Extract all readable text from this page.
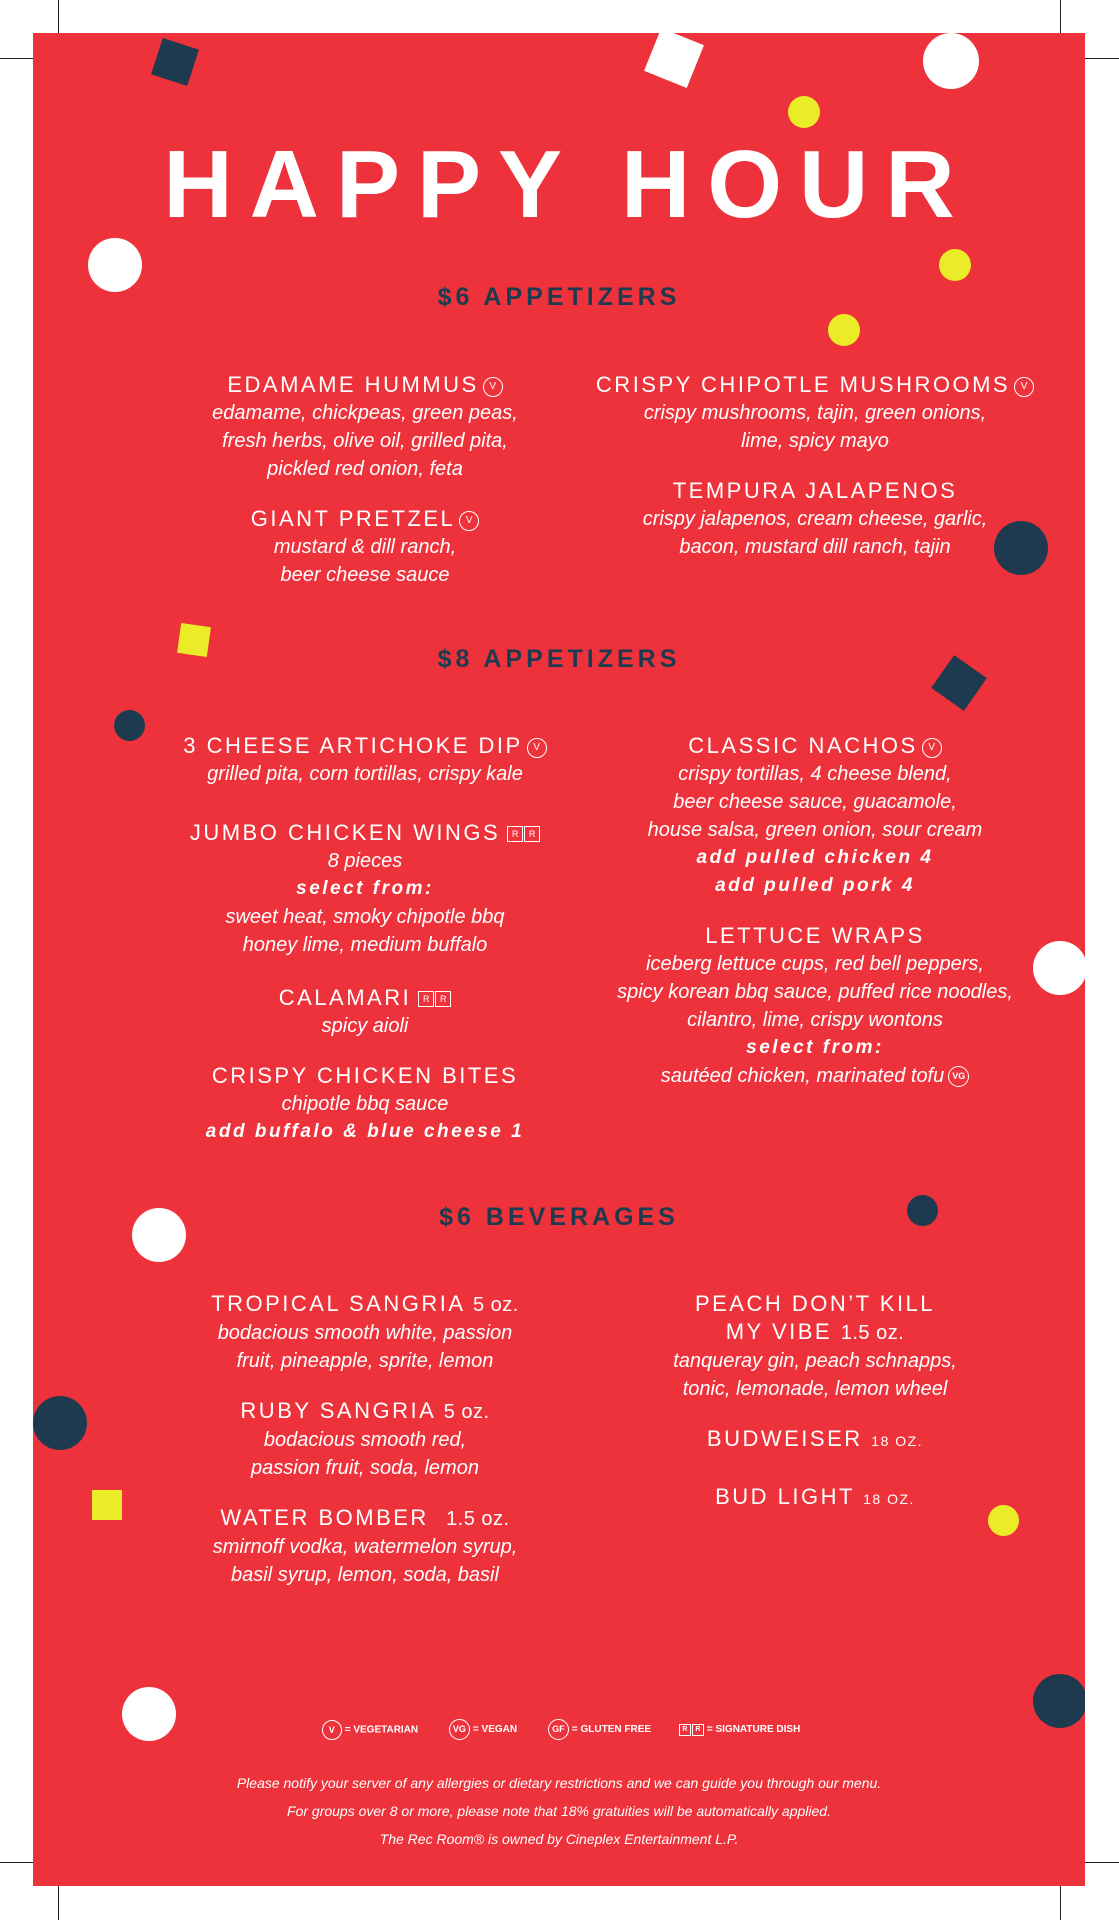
HAPPY HOUR
$6 APPETIZERS
EDAMAME HUMMUS V
edamame, chickpeas, green peas,
fresh herbs, olive oil, grilled pita,
pickled red onion, feta
GIANT PRETZEL V
mustard & dill ranch,
beer cheese sauce
CRISPY CHIPOTLE MUSHROOMS V
crispy mushrooms, tajin, green onions,
lime, spicy mayo
TEMPURA JALAPENOS
crispy jalapenos, cream cheese, garlic,
bacon, mustard dill ranch, tajin
$8 APPETIZERS
3 CHEESE ARTICHOKE DIP V
grilled pita, corn tortillas, crispy kale
JUMBO CHICKEN WINGS R R
8 pieces
select from:
sweet heat, smoky chipotle bbq
honey lime, medium buffalo
CALAMARI R R
spicy aioli
CRISPY CHICKEN BITES
chipotle bbq sauce
add buffalo & blue cheese 1
CLASSIC NACHOS V
crispy tortillas, 4 cheese blend,
beer cheese sauce, guacamole,
house salsa, green onion, sour cream
add pulled chicken 4
add pulled pork 4
LETTUCE WRAPS
iceberg lettuce cups, red bell peppers,
spicy korean bbq sauce, puffed rice noodles,
cilantro, lime, crispy wontons
select from:
sautéed chicken, marinated tofu VG
$6 BEVERAGES
TROPICAL SANGRIA 5 oz.
bodacious smooth white, passion
fruit, pineapple, sprite, lemon
RUBY SANGRIA 5 oz.
bodacious smooth red,
passion fruit, soda, lemon
WATER BOMBER 1.5 oz.
smirnoff vodka, watermelon syrup,
basil syrup, lemon, soda, basil
PEACH DON’T KILL
MY VIBE 1.5 oz.
tanqueray gin, peach schnapps,
tonic, lemonade, lemon wheel
BUDWEISER 18 OZ.
BUD LIGHT 18 OZ.
V = VEGETARIAN	VG = VEGAN	GF = GLUTEN FREE	R R = SIGNATURE DISH
Please notify your server of any allergies or dietary restrictions and we can guide you through our menu.
For groups over 8 or more, please note that 18% gratuities will be automatically applied.
The Rec Room® is owned by Cineplex Entertainment L.P.
